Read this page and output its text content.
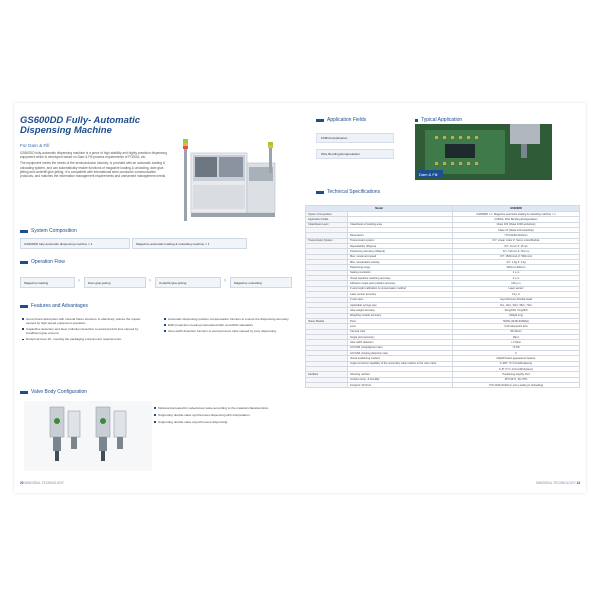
GS600DD Fully- Automatic Dispensing Machine
For Dam & Fill

GS600DD fully-automatic dispensing machine is a piece of high-stability and highly-precision dispensing equipment which is developed based on Dam & Fill process requirements of FCBGA, etc.

The equipment meets the needs of the semiconductor industry, is provided with an automatic loading & unloading system, and can automatically realize functions of magazine loading & unloading, dam glue-jetting and underfill glue-jetting. It is compatible with international semi-conductor communication protocols, and matches the information management requirements and unmanned management needs.

System Composition
GS600DD fully-automatic dispensing machine × 1	Magazine automatic loading & unloading machine × 1
Operation Flow
Magazine loading	›	Dam glue-jetting	›	Underfill glue-jetting	›	Magazine unloading
Features and Advantages
Good shock absorption with mineral frame structure to effectively reduce the impact caused by high-speed equipment operation.
Capacitive detection and laser induction detection to avoid product loss caused by insufficient glue amount.
Dustproof level 1K, meeting the packaging environment requirements.
Automatic dispensing position compensation function to ensure the dispensing accuracy.
ESD protection meeting international IEC and ANSI standards.
Glue width detection function to avoid process risks caused by poor dispensing.
Valve Body Configuration
Optional piezoelectric valve/screw valve according to the material characteristics.
Supporting double-valve synchronous dispensing with interpolation.
Supporting double-valve asynchronous dispensing.
20 MINGSEAL TECHNOLOGY
Application Fields
FCBGA Application
Wire Bonding Encapsulation
Typical Application
Dam & Fill
Technical Specifications
Model		GS600DD
System Composition		GS600DD × 1, Magazine automatic loading & unloading machine × 1
Application Fields		FCBGA, Wire Bonding Encapsulation
Cleanliness Level	Cleanliness of working area	Class 100 (Class 1000 workshop)
		Class 10 (Class 100 workshop)
	Dimensions	770×1640×2100mm
Transmission System	Transmission system	X/Y: Linear motor Z: Servo motor/Module
	Repeatability (3Sigma)	X/Y: ±3 um Z: ±5 um
	Positioning accuracy (3Sigma)	X/Y: ±10 um Z: ±15 um
	Max. movement speed	X/Y: 1500mm/s Z: 500mm/s
	Max. acceleration velocity	X/Y: 1.5g Z: 1.0g
	Dispensing range	300mm×300mm
	Sealing resolution	1 μ m
	Visual repetitive matching accuracy	3 μ m
	Adhesive single-point position accuracy	±30 μ m
	Z axis height calibration & compensation method	Laser sensor
	Laser sensor accuracy	±2 μ m
	Z axis spec	Asynchronous Double-head
	Applicable syringe type	5cc, 10cc, 30cc, 55cc, 70cc
	Glue weight accuracy	10mg±3%, 5mg±5%
	Weighing module accuracy	220g/0.1mg
Vision Module	Pixel	500W (2448×2048dpi)
	Lens	0.2X telecentric lens
	Camera view	45×34mm
	Single pixel accuracy	15μm
	Glue width detection	≥ 170um
	AOI FAR (misjudgment rate)	<0.5%
	AOI FAR (missing detection rate)	0
	Visual positioning method	Mark/Product appearance feature
	Angle correction capability of the secondary valve relative to the main valve	0~360° (7×7mm/Workpiece)
		0~8° (7×7~14mm/Workpiece)
Facilities	Shooting method	Positioning stop/fly shot
	Ambient temp. & humidity	25°C±2°C, 30~70%
	Footprint: W×D×H	770×1640×2100mm (w/o Loading & Unloading)
MINGSEAL TECHNOLOGY 13
